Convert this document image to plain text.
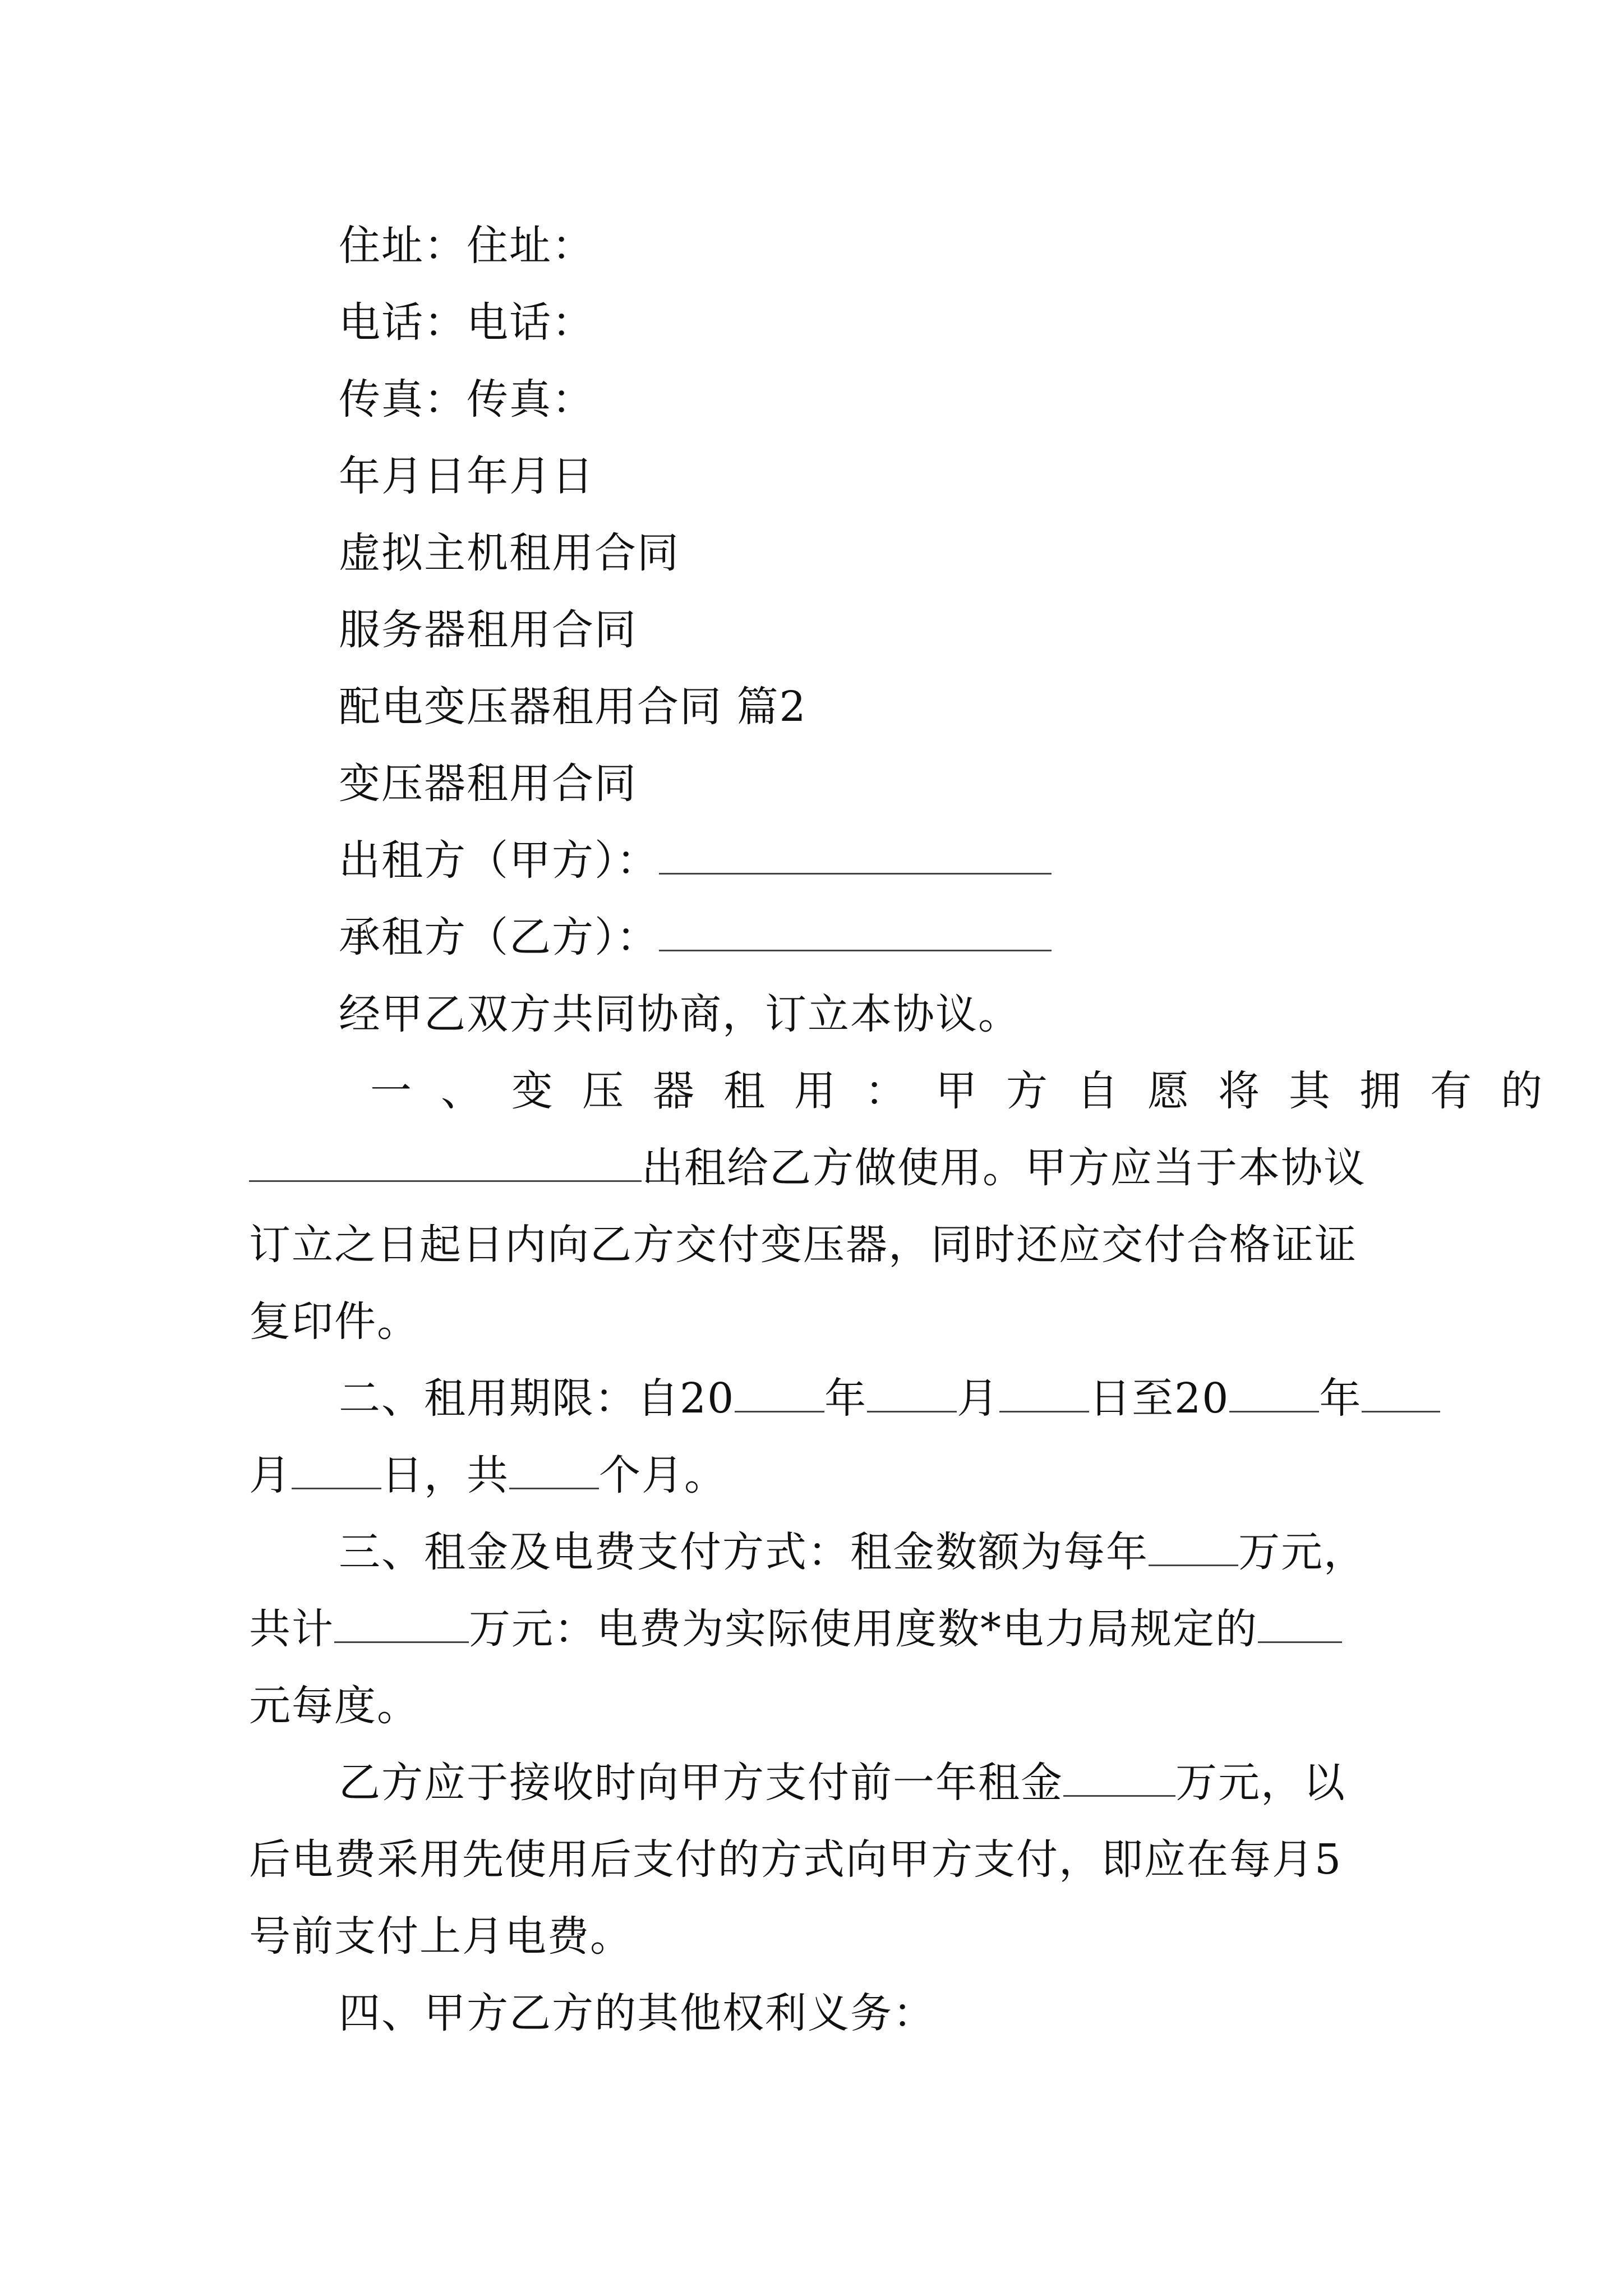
住址：住址：
电话：电话：
传真：传真：
年月日年月日
虚拟主机租用合同
服务器租用合同
配电变压器租用合同 篇2
变压器租用合同
出租方（甲方）：
承租方（乙方）：
经甲乙双方共同协商，订立本协议。
一、变压器租用：甲方自愿将其拥有的
出租给乙方做使用。甲方应当于本协议
订立之日起日内向乙方交付变压器，同时还应交付合格证证
复印件。
二、租用期限：自20 年 月 日至20 年
月 日，共 个月。
三、租金及电费支付方式：租金数额为每年 万元，
共计	万元：电费为实际使用度数*电力局规定的
元每度。
乙方应于接收时向甲方支付前一年租金	万元，以
后电费采用先使用后支付的方式向甲方支付，即应在每月5
号前支付上月电费。
四、甲方乙方的其他权利义务：
